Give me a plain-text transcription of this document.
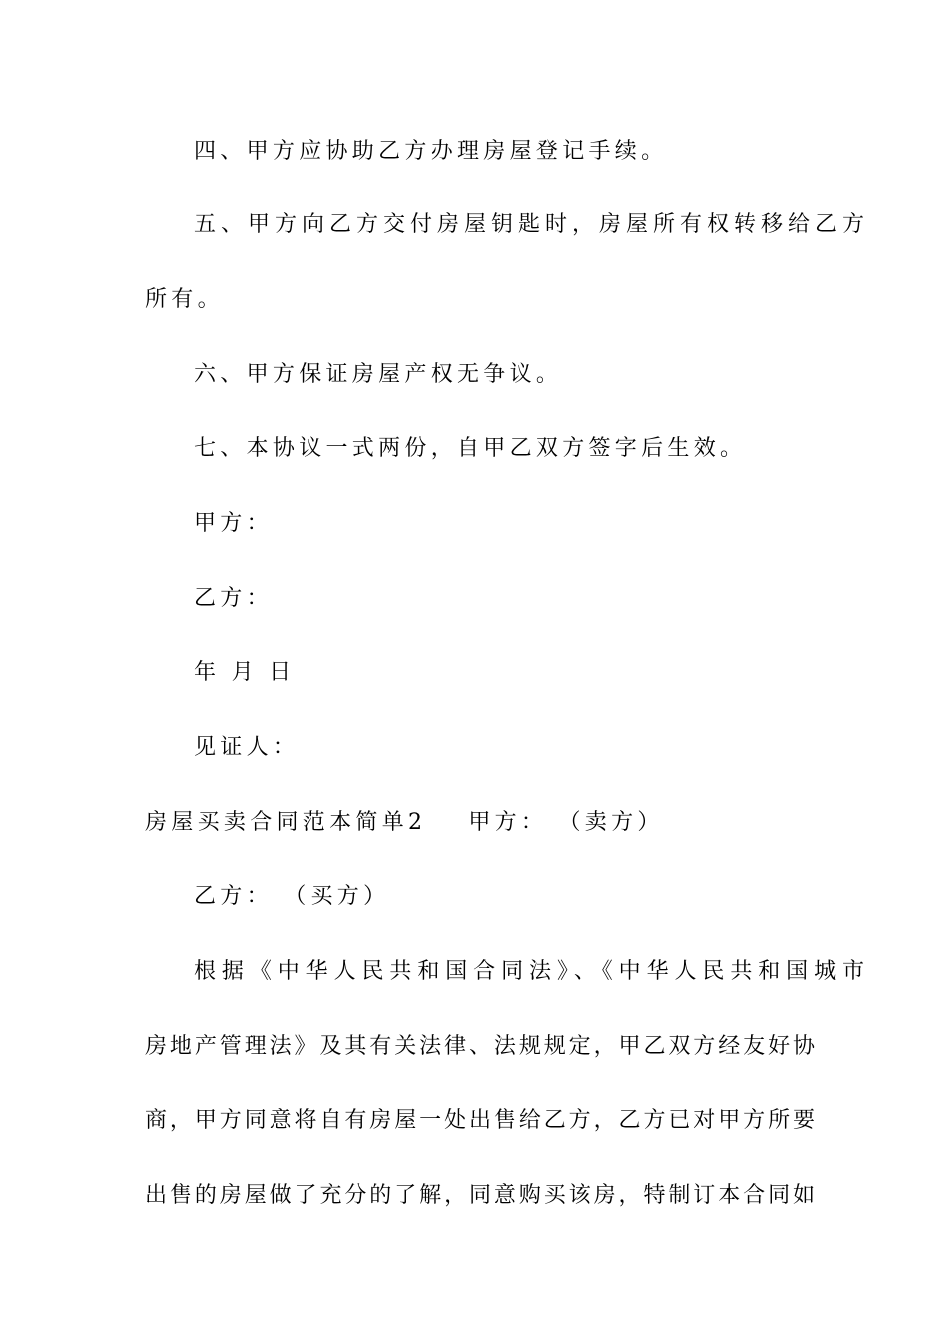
四、甲方应协助乙方办理房屋登记手续。
五、甲方向乙方交付房屋钥匙时，房屋所有权转移给乙方
所有。
六、甲方保证房屋产权无争议。
七、本协议一式两份，自甲乙双方签字后生效。
甲方：
乙方：
年 月 日
见证人：
房屋买卖合同范本简单2 甲方： （卖方）
乙方： （买方）
根据《中华人民共和国合同法》、《中华人民共和国城市
房地产管理法》及其有关法律、法规规定，甲乙双方经友好协
商，甲方同意将自有房屋一处出售给乙方，乙方已对甲方所要
出售的房屋做了充分的了解，同意购买该房，特制订本合同如
